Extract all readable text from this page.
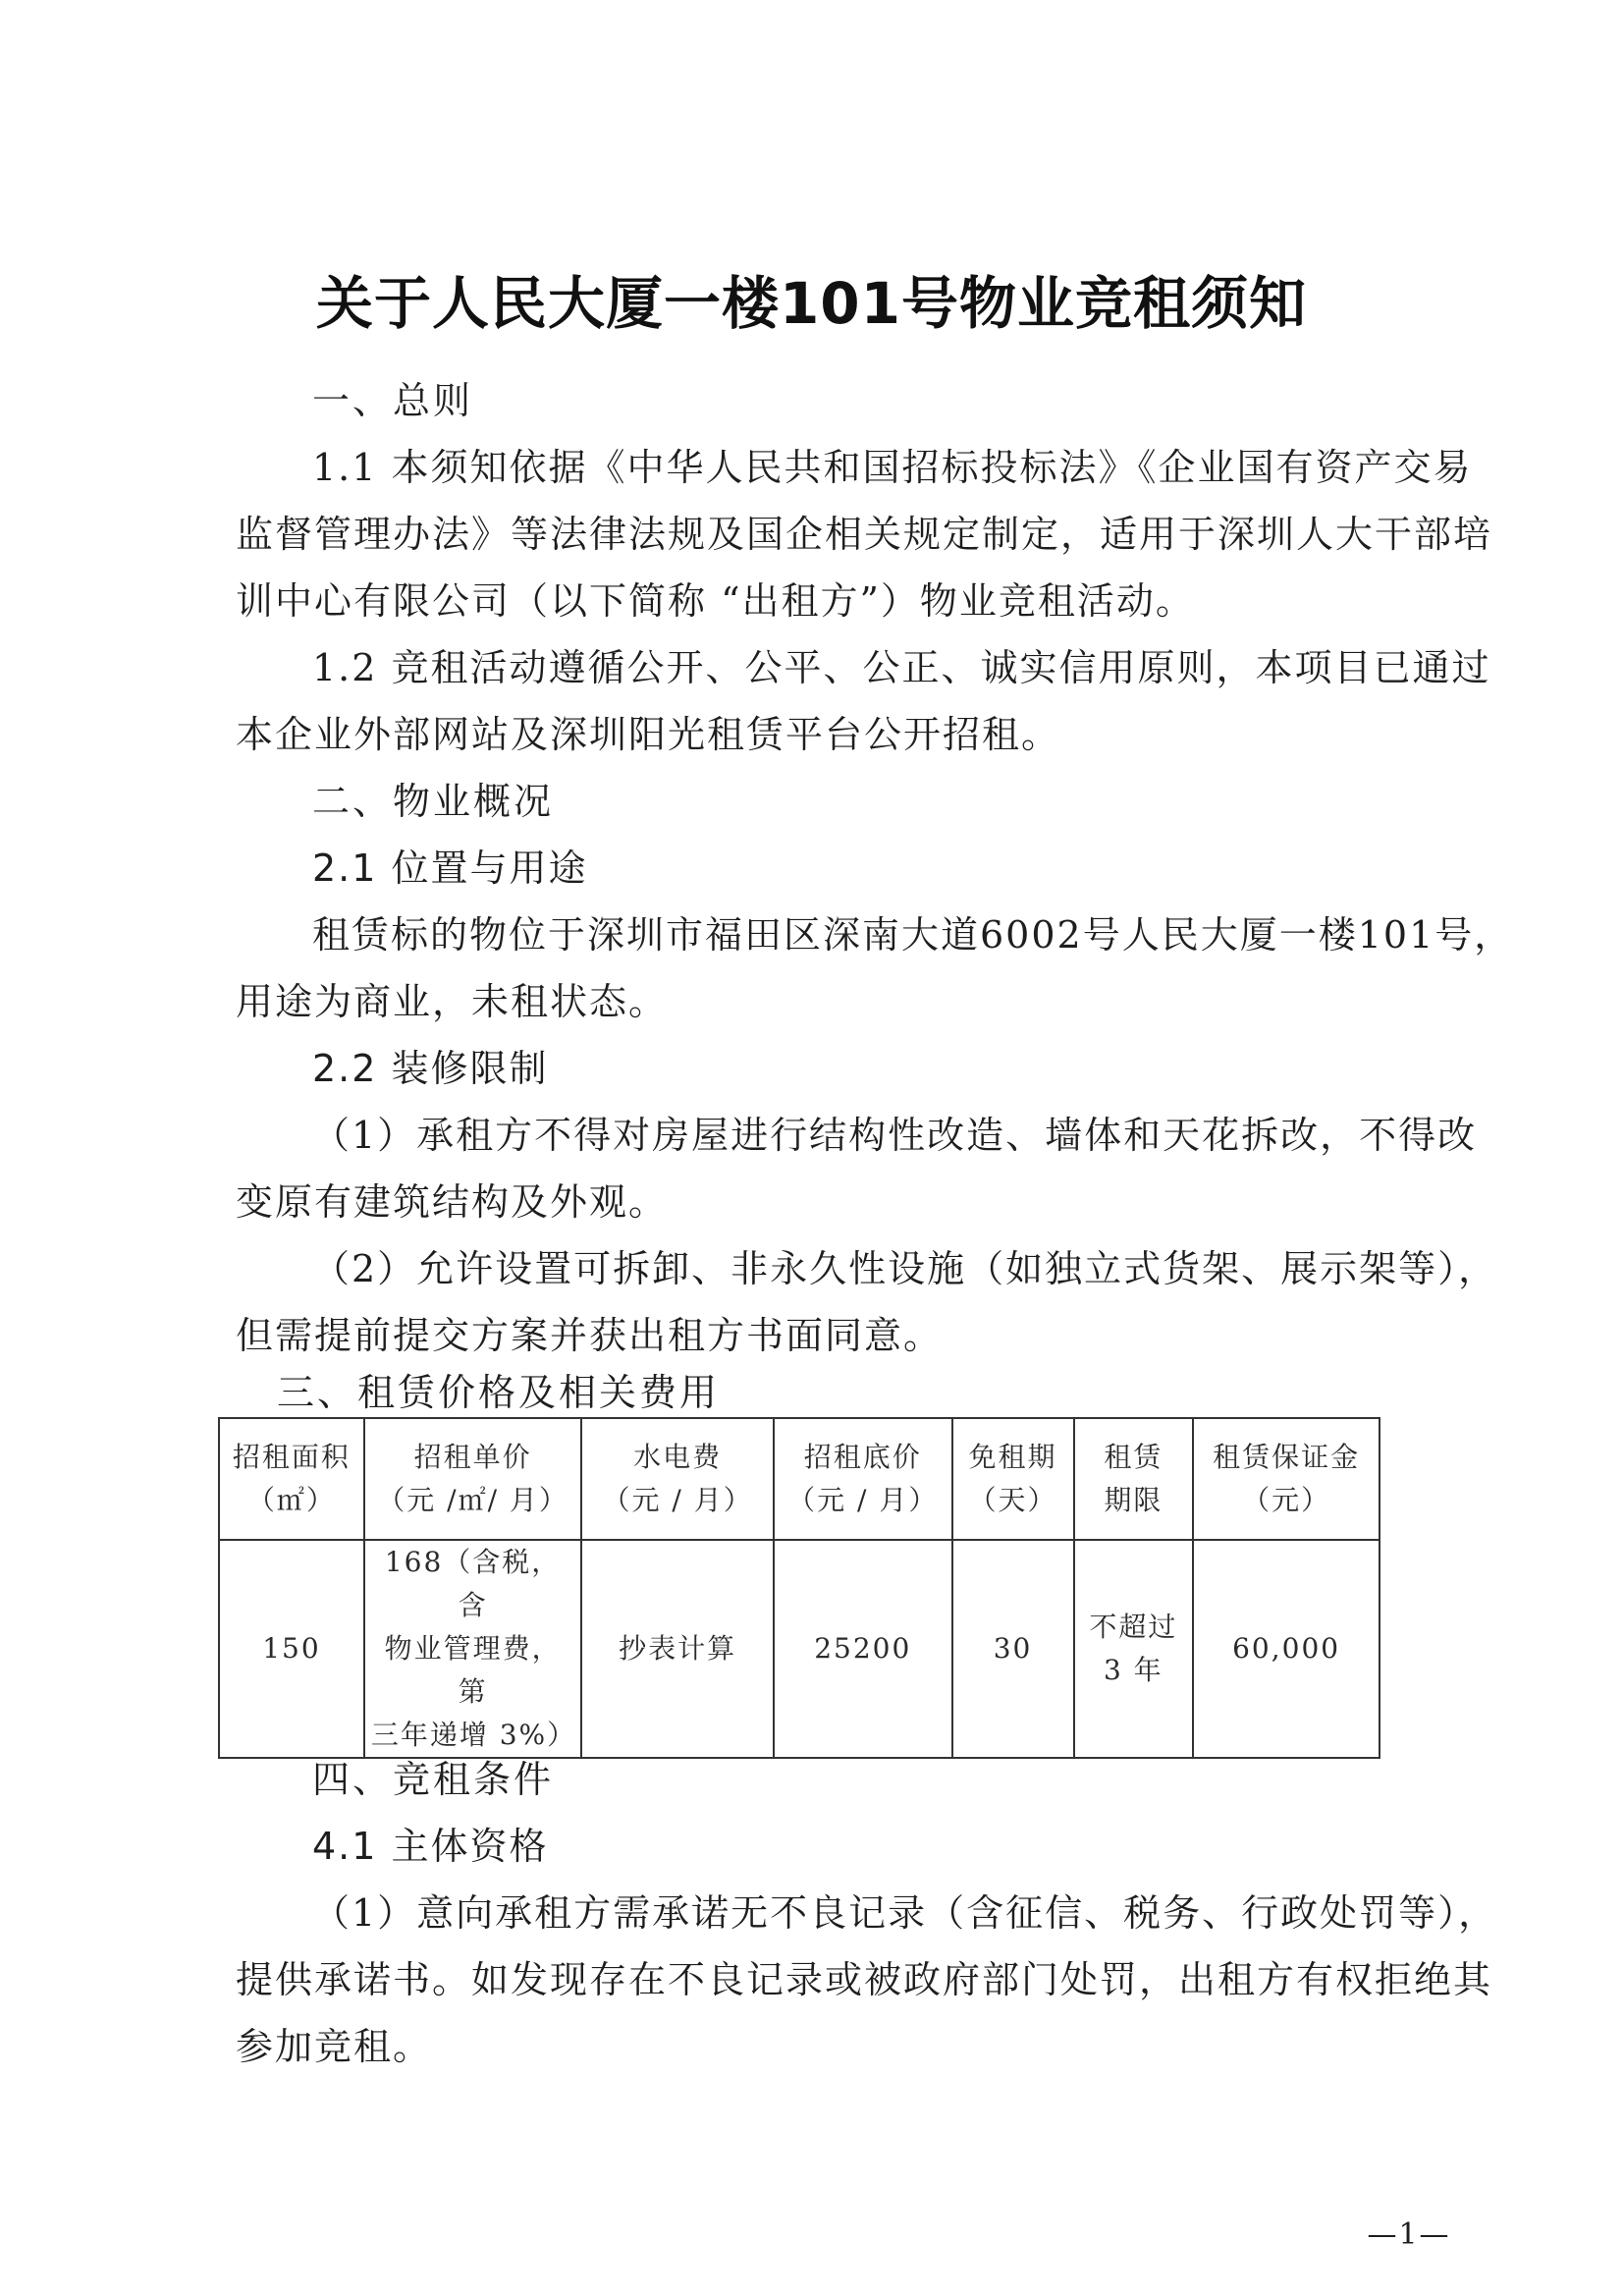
关于人民大厦一楼101号物业竞租须知
一、总则
1.1 本须知依据《中华人民共和国招标投标法》《企业国有资产交易
监督管理办法》等法律法规及国企相关规定制定，适用于深圳人大干部培
训中心有限公司（以下简称 “出租方”）物业竞租活动。
1.2 竞租活动遵循公开、公平、公正、诚实信用原则，本项目已通过
本企业外部网站及深圳阳光租赁平台公开招租。
二、物业概况
2.1 位置与用途
租赁标的物位于深圳市福田区深南大道6002号人民大厦一楼101号，
用途为商业，未租状态。
2.2 装修限制
（1）承租方不得对房屋进行结构性改造、墙体和天花拆改，不得改
变原有建筑结构及外观。
（2）允许设置可拆卸、非永久性设施（如独立式货架、展示架等），
但需提前提交方案并获出租方书面同意。
三、租赁价格及相关费用
招租面积
（㎡）	招租单价
（元 /㎡/ 月）	水电费
（元 / 月）	招租底价
（元 / 月）	免租期
（天）	租赁
期限	租赁保证金
（元）
150	168（含税，含
物业管理费，第
三年递增 3%）	抄表计算	25200	30	不超过
3 年	60,000
四、竞租条件
4.1 主体资格
（1）意向承租方需承诺无不良记录（含征信、税务、行政处罚等），
提供承诺书。如发现存在不良记录或被政府部门处罚，出租方有权拒绝其
参加竞租。
—1—
